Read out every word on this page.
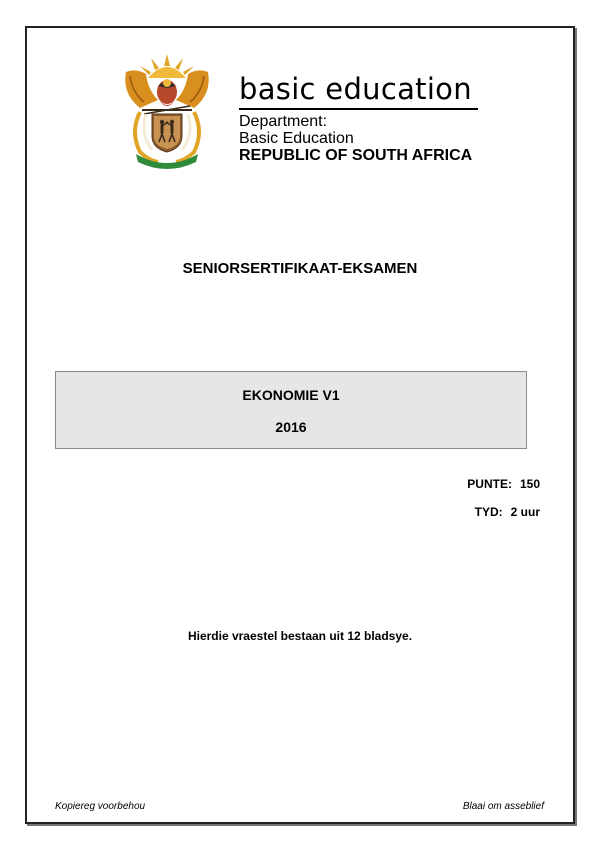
basic education
Department:
Basic Education
REPUBLIC OF SOUTH AFRICA
SENIORSERTIFIKAAT-EKSAMEN
EKONOMIE V1
2016
PUNTE: 150
TYD: 2 uur
Hierdie vraestel bestaan uit 12 bladsye.
Kopiereg voorbehou	Blaai om asseblief
